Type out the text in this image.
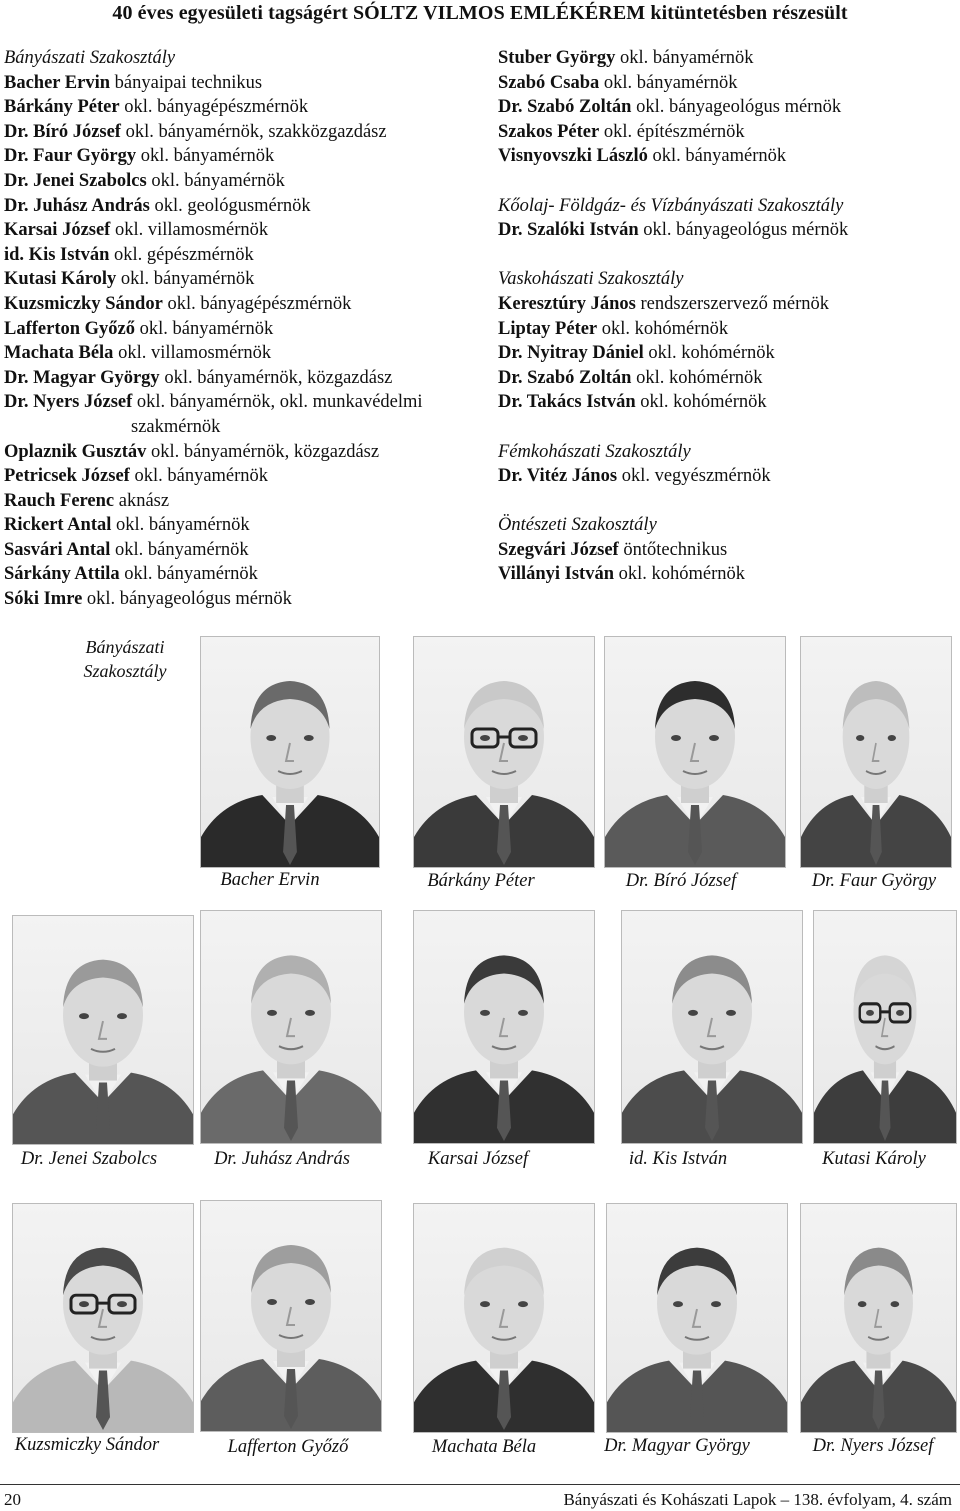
40 éves egyesületi tagságért SÓLTZ VILMOS EMLÉKÉREM kitüntetésben részesült
Bányászati Szakosztály
Bacher Ervin bányaipai technikus
Bárkány Péter okl. bányagépészmérnök
Dr. Bíró József okl. bányamérnök, szakközgazdász
Dr. Faur György okl. bányamérnök
Dr. Jenei Szabolcs okl. bányamérnök
Dr. Juhász András okl. geológusmérnök
Karsai József okl. villamosmérnök
id. Kis István okl. gépészmérnök
Kutasi Károly okl. bányamérnök
Kuzsmiczky Sándor okl. bányagépészmérnök
Lafferton Győző okl. bányamérnök
Machata Béla okl. villamosmérnök
Dr. Magyar György okl. bányamérnök, közgazdász
Dr. Nyers József okl. bányamérnök, okl. munkavédelmi
szakmérnök
Oplaznik Gusztáv okl. bányamérnök, közgazdász
Petricsek József okl. bányamérnök
Rauch Ferenc aknász
Rickert Antal okl. bányamérnök
Sasvári Antal okl. bányamérnök
Sárkány Attila okl. bányamérnök
Sóki Imre okl. bányageológus mérnök
Stuber György okl. bányamérnök
Szabó Csaba okl. bányamérnök
Dr. Szabó Zoltán okl. bányageológus mérnök
Szakos Péter okl. építészmérnök
Visnyovszki László okl. bányamérnök
Kőolaj- Földgáz- és Vízbányászati Szakosztály
Dr. Szalóki István okl. bányageológus mérnök
Vaskohászati Szakosztály
Keresztúry János rendszerszervező mérnök
Liptay Péter okl. kohómérnök
Dr. Nyitray Dániel okl. kohómérnök
Dr. Szabó Zoltán okl. kohómérnök
Dr. Takács István okl. kohómérnök
Fémkohászati Szakosztály
Dr. Vitéz János okl. vegyészmérnök
Öntészeti Szakosztály
Szegvári József öntőtechnikus
Villányi István okl. kohómérnök
Bányászati Szakosztály
Bacher Ervin	Bárkány Péter	Dr. Bíró József	Dr. Faur György
Dr. Jenei Szabolcs	Dr. Juhász András	Karsai József	id. Kis István	Kutasi Károly
Kuzsmiczky Sándor	Lafferton Győző	Machata Béla	Dr. Magyar György	Dr. Nyers József
20	Bányászati és Kohászati Lapok – 138. évfolyam, 4. szám
